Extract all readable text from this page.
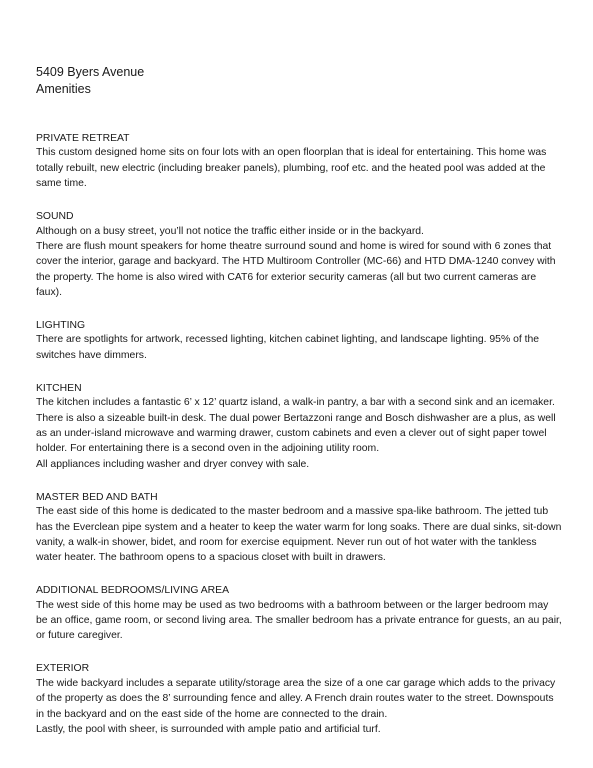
5409 Byers Avenue
Amenities
PRIVATE RETREAT

This custom designed home sits on four lots with an open floorplan that is ideal for entertaining. This home was totally rebuilt, new electric (including breaker panels), plumbing, roof etc. and the heated pool was added at the same time.

SOUND

Although on a busy street, you’ll not notice the traffic either inside or in the backyard.

There are flush mount speakers for home theatre surround sound and home is wired for sound with 6 zones that cover the interior, garage and backyard. The HTD Multiroom Controller (MC-66) and HTD DMA-1240 convey with the property. The home is also wired with CAT6 for exterior security cameras (all but two current cameras are faux).

LIGHTING

There are spotlights for artwork, recessed lighting, kitchen cabinet lighting, and landscape lighting. 95% of the switches have dimmers.

KITCHEN

The kitchen includes a fantastic 6’ x 12’ quartz island, a walk-in pantry, a bar with a second sink and an icemaker. There is also a sizeable built-in desk. The dual power Bertazzoni range and Bosch dishwasher are a plus, as well as an under-island microwave and warming drawer, custom cabinets and even a clever out of sight paper towel holder. For entertaining there is a second oven in the adjoining utility room.

All appliances including washer and dryer convey with sale.

MASTER BED AND BATH

The east side of this home is dedicated to the master bedroom and a massive spa-like bathroom. The jetted tub has the Everclean pipe system and a heater to keep the water warm for long soaks. There are dual sinks, sit-down vanity, a walk-in shower, bidet, and room for exercise equipment. Never run out of hot water with the tankless water heater. The bathroom opens to a spacious closet with built in drawers.

ADDITIONAL BEDROOMS/LIVING AREA

The west side of this home may be used as two bedrooms with a bathroom between or the larger bedroom may be an office, game room, or second living area. The smaller bedroom has a private entrance for guests, an au pair, or future caregiver.

EXTERIOR

The wide backyard includes a separate utility/storage area the size of a one car garage which adds to the privacy of the property as does the 8’ surrounding fence and alley. A French drain routes water to the street. Downspouts in the backyard and on the east side of the home are connected to the drain.

Lastly, the pool with sheer, is surrounded with ample patio and artificial turf.
